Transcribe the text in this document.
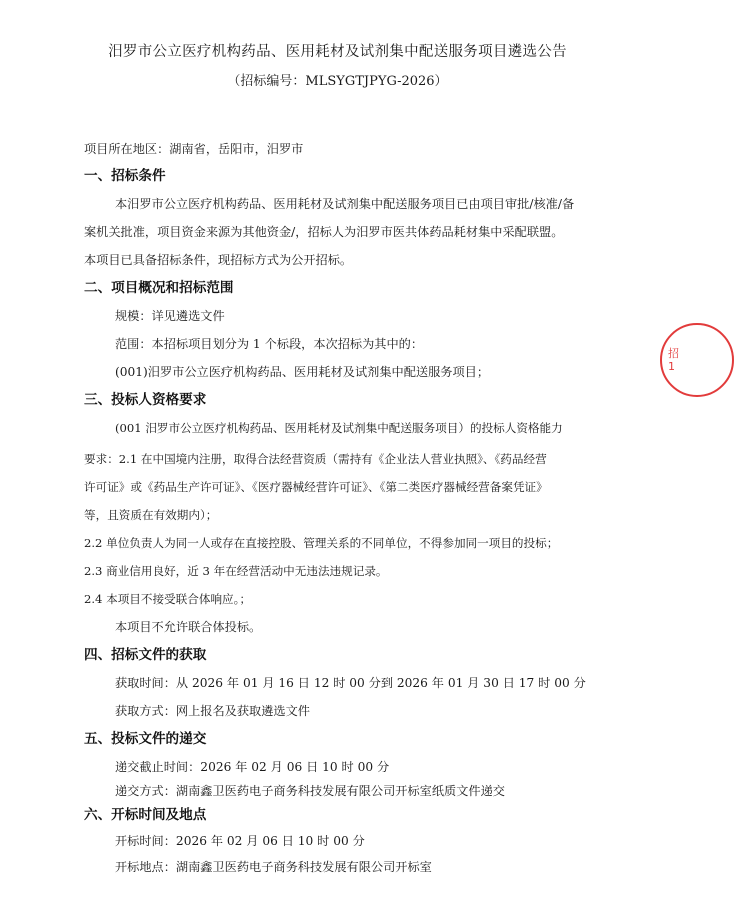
汨罗市公立医疗机构药品、医用耗材及试剂集中配送服务项目遴选公告
（招标编号：MLSYGTJPYG-2026）
项目所在地区：湖南省，岳阳市，汨罗市
一、招标条件
本汨罗市公立医疗机构药品、医用耗材及试剂集中配送服务项目已由项目审批/核准/备
案机关批准，项目资金来源为其他资金/，招标人为汨罗市医共体药品耗材集中采配联盟。
本项目已具备招标条件，现招标方式为公开招标。
二、项目概况和招标范围
规模：详见遴选文件
范围：本招标项目划分为 1 个标段，本次招标为其中的：
(001)汨罗市公立医疗机构药品、医用耗材及试剂集中配送服务项目；
三、投标人资格要求
(001 汨罗市公立医疗机构药品、医用耗材及试剂集中配送服务项目）的投标人资格能力
要求：2.1 在中国境内注册，取得合法经营资质（需持有《企业法人营业执照》、《药品经营
许可证》或《药品生产许可证》、《医疗器械经营许可证》、《第二类医疗器械经营备案凭证》
等，且资质在有效期内）；
2.2 单位负责人为同一人或存在直接控股、管理关系的不同单位，不得参加同一项目的投标；
2.3 商业信用良好，近 3 年在经营活动中无违法违规记录。
2.4 本项目不接受联合体响应。；
本项目不允许联合体投标。
四、招标文件的获取
获取时间：从 2026 年 01 月 16 日 12 时 00 分到 2026 年 01 月 30 日 17 时 00 分
获取方式：网上报名及获取遴选文件
五、投标文件的递交
递交截止时间：2026 年 02 月 06 日 10 时 00 分
递交方式：湖南鑫卫医药电子商务科技发展有限公司开标室纸质文件递交
六、开标时间及地点
开标时间：2026 年 02 月 06 日 10 时 00 分
开标地点：湖南鑫卫医药电子商务科技发展有限公司开标室
招
1
